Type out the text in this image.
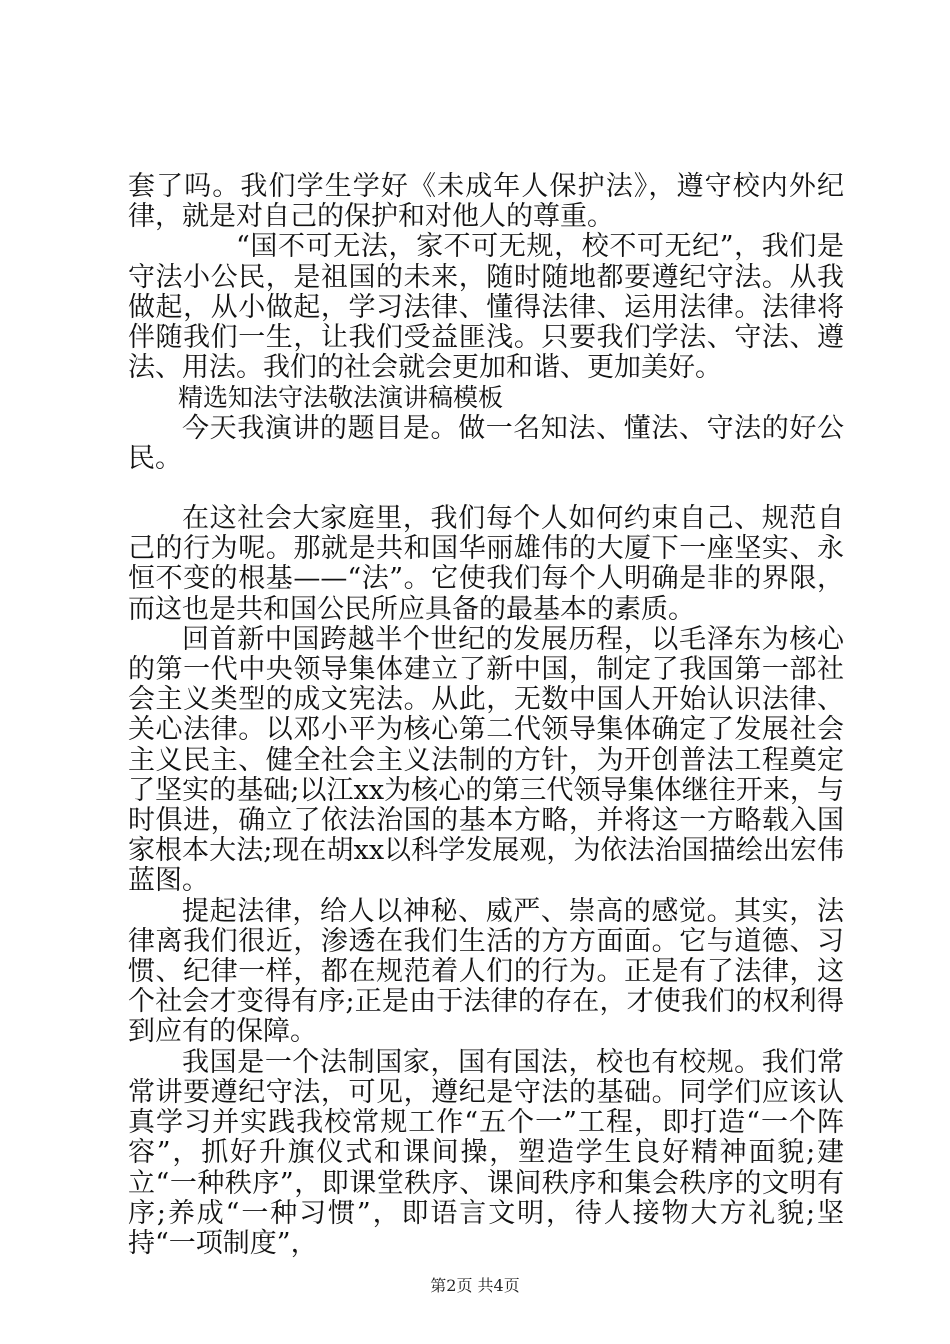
套了吗。我们学生学好《未成年人保护法》，遵守校内外纪律，就是对自己的保护和对他人的尊重。

“国不可无法，家不可无规，校不可无纪”，我们是守法小公民，是祖国的未来，随时随地都要遵纪守法。从我做起，从小做起，学习法律、懂得法律、运用法律。法律将伴随我们一生，让我们受益匪浅。只要我们学法、守法、遵法、用法。我们的社会就会更加和谐、更加美好。

精选知法守法敬法演讲稿模板

今天我演讲的题目是。做一名知法、懂法、守法的好公民。

在这社会大家庭里，我们每个人如何约束自己、规范自己的行为呢。那就是共和国华丽雄伟的大厦下一座坚实、永恒不变的根基——“法”。它使我们每个人明确是非的界限，而这也是共和国公民所应具备的最基本的素质。

回首新中国跨越半个世纪的发展历程，以毛泽东为核心的第一代中央领导集体建立了新中国，制定了我国第一部社会主义类型的成文宪法。从此，无数中国人开始认识法律、关心法律。以邓小平为核心第二代领导集体确定了发展社会主义民主、健全社会主义法制的方针，为开创普法工程奠定了坚实的基础;以江xx为核心的第三代领导集体继往开来，与时俱进，确立了依法治国的基本方略，并将这一方略载入国家根本大法;现在胡xx以科学发展观，为依法治国描绘出宏伟蓝图。

提起法律，给人以神秘、威严、崇高的感觉。其实，法律离我们很近，渗透在我们生活的方方面面。它与道德、习惯、纪律一样，都在规范着人们的行为。正是有了法律，这个社会才变得有序;正是由于法律的存在，才使我们的权利得到应有的保障。

我国是一个法制国家，国有国法，校也有校规。我们常常讲要遵纪守法，可见，遵纪是守法的基础。同学们应该认真学习并实践我校常规工作“五个一”工程，即打造“一个阵容”，抓好升旗仪式和课间操，塑造学生良好精神面貌;建立“一种秩序”，即课堂秩序、课间秩序和集会秩序的文明有序;养成“一种习惯”，即语言文明，待人接物大方礼貌;坚持“一项制度”，

第2页 共4页
